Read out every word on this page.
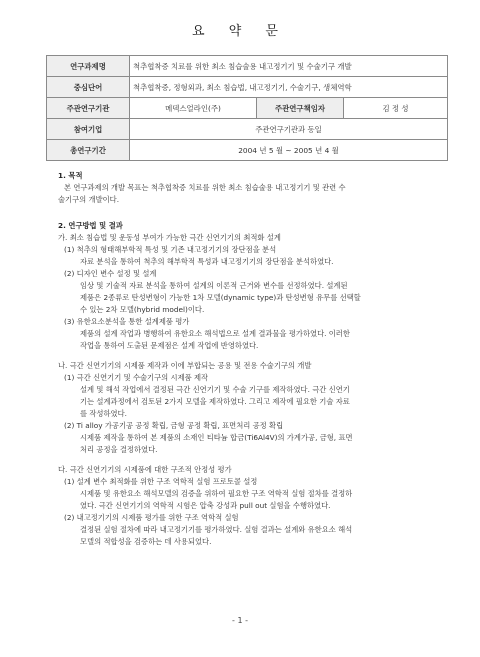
요 약 문
연구과제명	척추협착증 치료를 위한 최소 침습술용 내고정기기 및 수술기구 개발		
중심단어	척추협착증, 정형외과, 최소 침습법, 내고정기기, 수술기구, 생체역학		
주관연구기관	메덱스얼라인(주)	주관연구책임자	김 정 성
참여기업	주관연구기관과 동일		
총연구기간	2004 년 5 월 ~ 2005 년 4 월		
1. 목적
본 연구과제의 개발 목표는 척추협착증 치료를 위한 최소 침습술용 내고정기기 및 관련 수
술기구의 개발이다.
2. 연구방법 및 결과
가. 최소 침습법 및 운동성 부여가 가능한 극간 신연기기의 최적화 설계
(1) 척추의 형태해부학적 특성 및 기존 내고정기기의 장단점을 분석
자료 분석을 통하여 척추의 해부학적 특성과 내고정기기의 장단점을 분석하였다.
(2) 디자인 변수 설정 및 설계
임상 및 기술적 자료 분석을 통하여 설계의 이론적 근거와 변수를 선정하였다. 설계된
제품은 2종류로 탄성변형이 가능한 1차 모델(dynamic type)과 탄성변형 유무를 선택할
수 있는 2차 모델(hybrid model)이다.
(3) 유한요소분석을 통한 설계제품 평가
제품의 설계 작업과 병행하여 유한요소 해석법으로 설계 결과물을 평가하였다. 이러한
작업을 통하여 도출된 문제점은 설계 작업에 반영하였다.
나. 극간 신연기기의 시제품 제작과 이에 부합되는 공용 및 전용 수술기구의 개발
(1) 극간 신연기기 및 수술기구의 시제품 제작
설계 및 해석 작업에서 결정된 극간 신연기기 및 수술 기구를 제작하였다. 극간 신연기
기는 설계과정에서 검토된 2가지 모델을 제작하였다. 그리고 제작에 필요한 기술 자료
를 작성하였다.
(2) Ti alloy 가공기공 공정 확립, 금형 공정 확립, 표면처리 공정 확립
시제품 제작을 통하여 본 제품의 소재인 티타늄 합금(Ti6Al4V)의 가계가공, 금형, 표면
처리 공정을 결정하였다.
다. 극간 신연기기의 시제품에 대한 구조적 안정성 평가
(1) 설계 변수 최적화를 위한 구조 역학적 실험 프로토콜 설정
시제품 및 유한요소 해석모델의 검증을 위하여 필요한 구조 역학적 실험 절차를 결정하
였다. 극간 신연기기의 역학적 시험은 압축 강성과 pull out 실험을 수행하였다.
(2) 내고정기기의 시제품 평가를 위한 구조 역학적 실험
결정된 실험 절차에 따라 내고정기기를 평가하였다. 실험 결과는 설계와 유한요소 해석
모델의 적합성을 검증하는 데 사용되었다.
- 1 -
